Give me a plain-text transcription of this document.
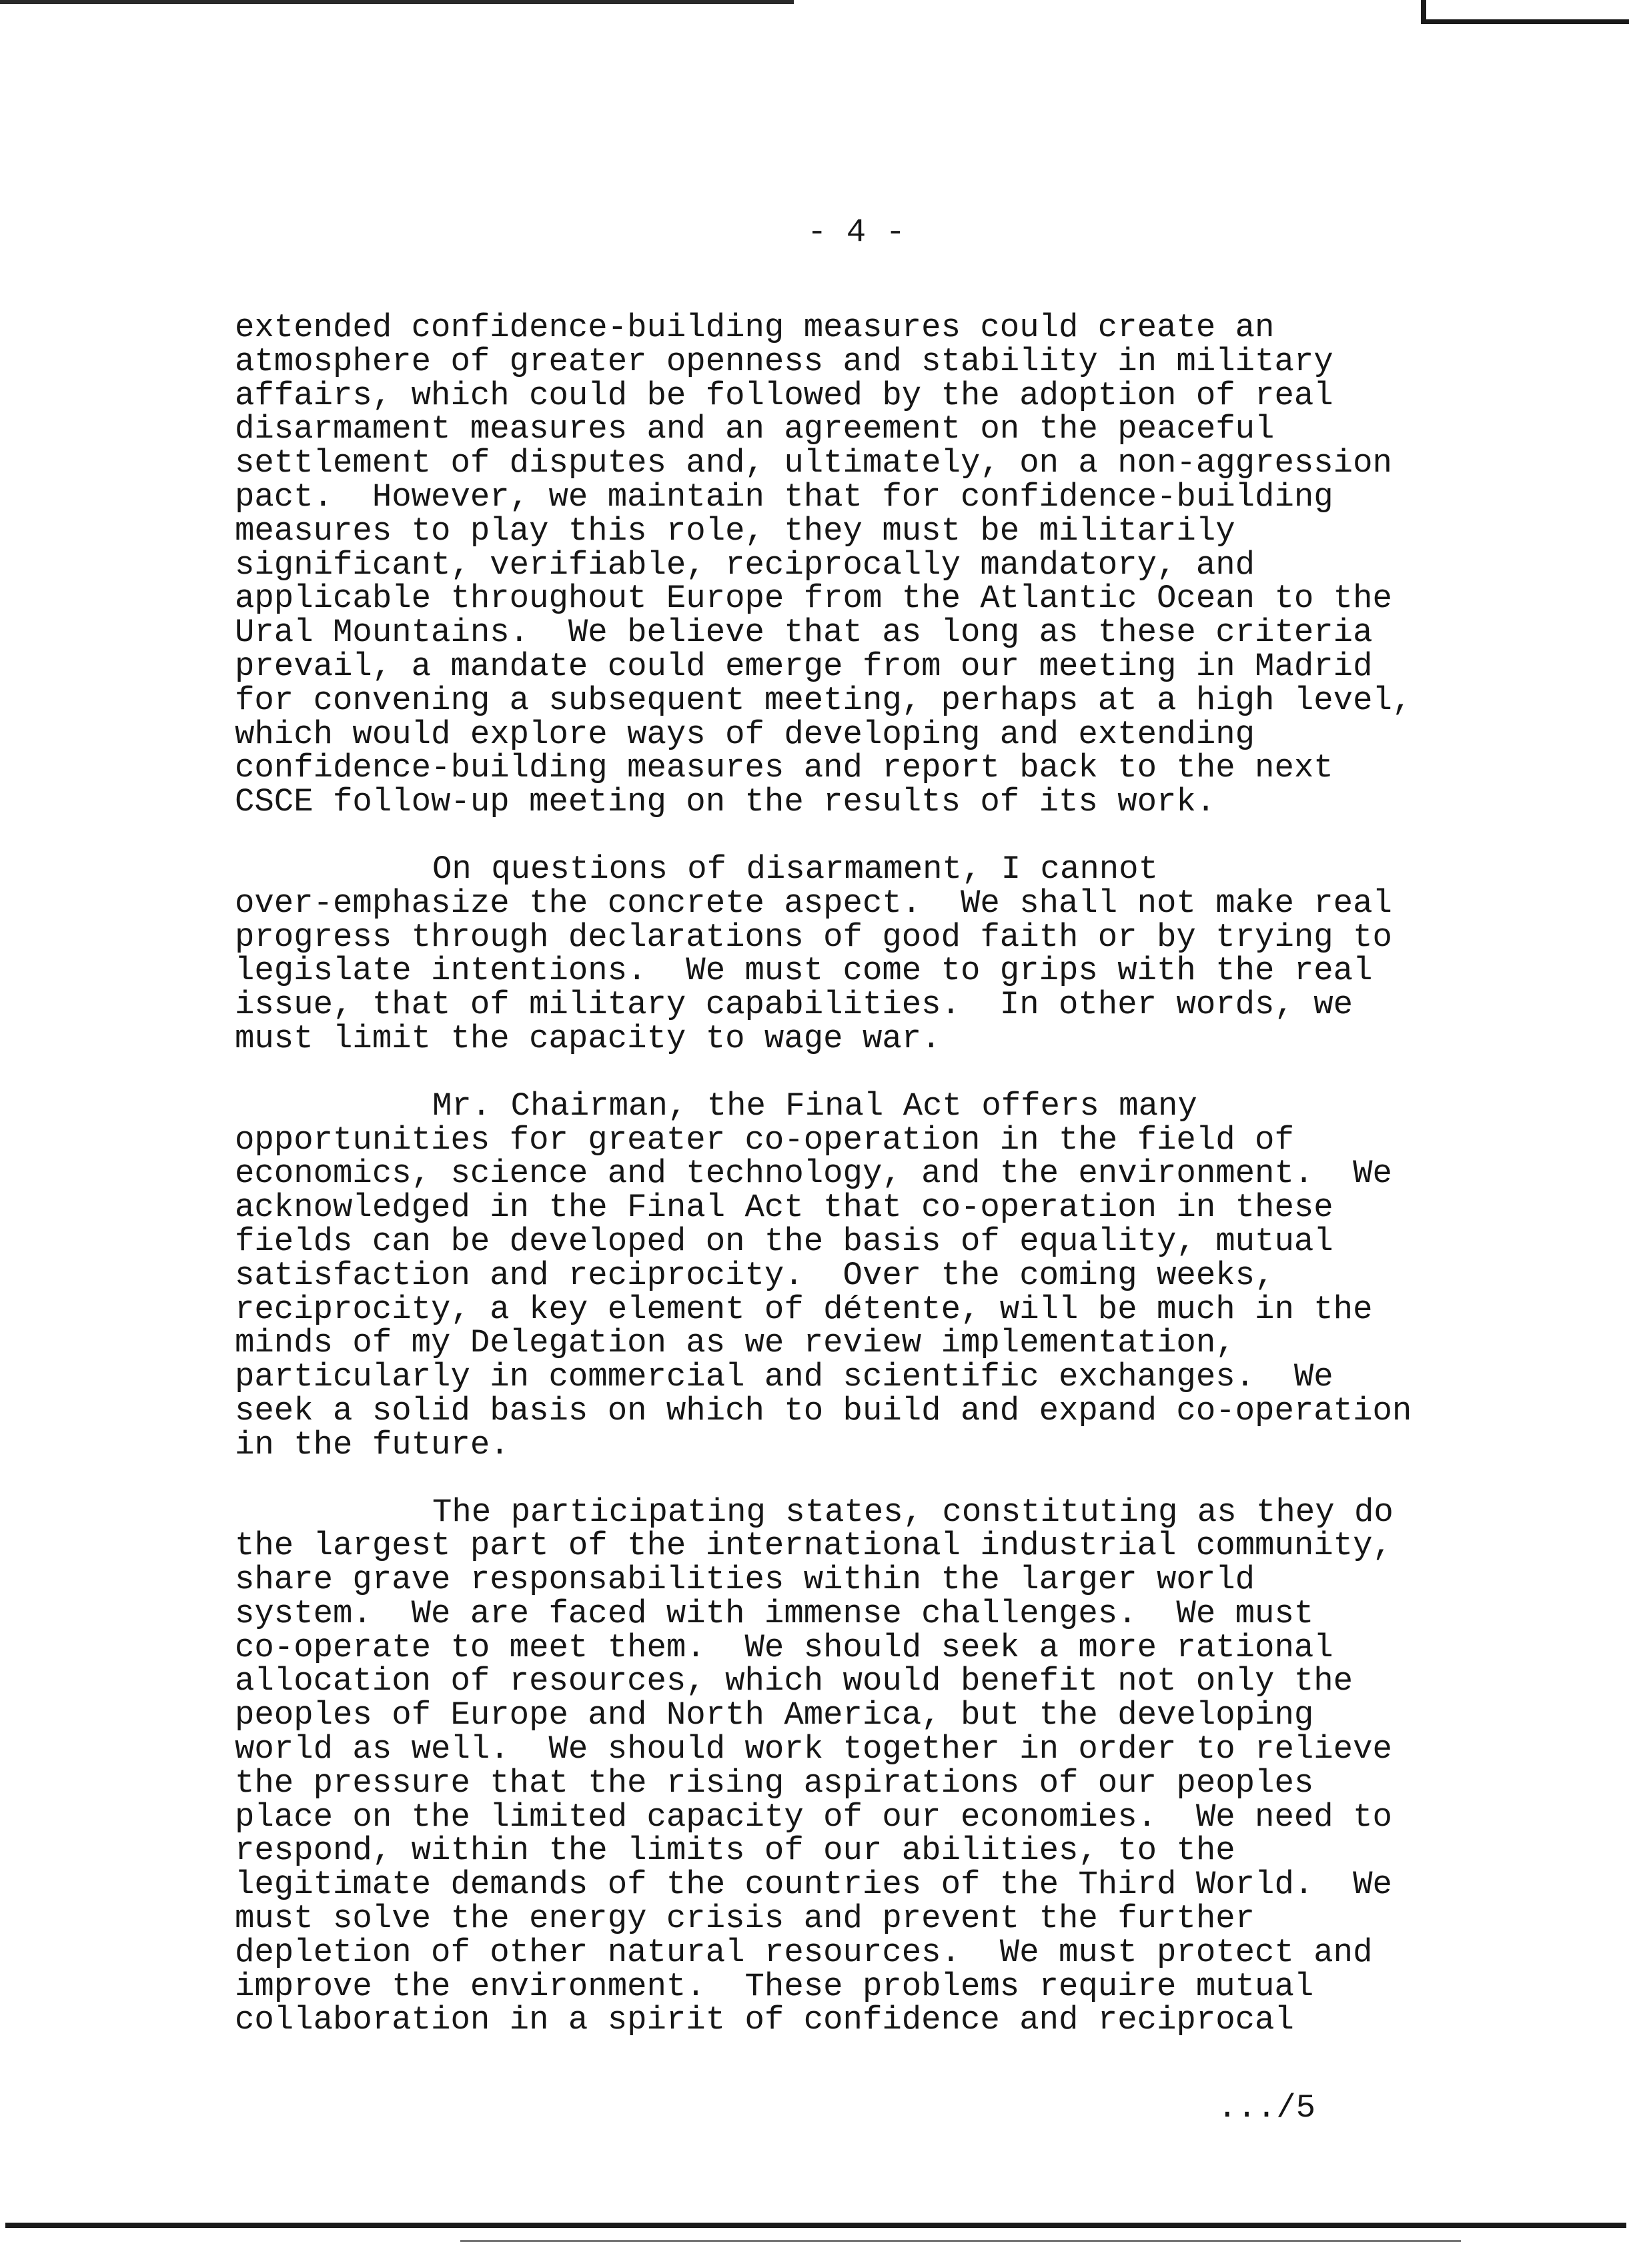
- 4 -
extended confidence-building measures could create an
atmosphere of greater openness and stability in military
affairs, which could be followed by the adoption of real
disarmament measures and an agreement on the peaceful
settlement of disputes and, ultimately, on a non-aggression
pact.  However, we maintain that for confidence-building
measures to play this role, they must be militarily
significant, verifiable, reciprocally mandatory, and
applicable throughout Europe from the Atlantic Ocean to the
Ural Mountains.  We believe that as long as these criteria
prevail, a mandate could emerge from our meeting in Madrid
for convening a subsequent meeting, perhaps at a high level,
which would explore ways of developing and extending
confidence-building measures and report back to the next
CSCE follow-up meeting on the results of its work.
On questions of disarmament, I cannot
over-emphasize the concrete aspect.  We shall not make real
progress through declarations of good faith or by trying to
legislate intentions.  We must come to grips with the real
issue, that of military capabilities.  In other words, we
must limit the capacity to wage war.
Mr. Chairman, the Final Act offers many
opportunities for greater co-operation in the field of
economics, science and technology, and the environment.  We
acknowledged in the Final Act that co-operation in these
fields can be developed on the basis of equality, mutual
satisfaction and reciprocity.  Over the coming weeks,
reciprocity, a key element of détente, will be much in the
minds of my Delegation as we review implementation,
particularly in commercial and scientific exchanges.  We
seek a solid basis on which to build and expand co-operation
in the future.
The participating states, constituting as they do
the largest part of the international industrial community,
share grave responsabilities within the larger world
system.  We are faced with immense challenges.  We must
co-operate to meet them.  We should seek a more rational
allocation of resources, which would benefit not only the
peoples of Europe and North America, but the developing
world as well.  We should work together in order to relieve
the pressure that the rising aspirations of our peoples
place on the limited capacity of our economies.  We need to
respond, within the limits of our abilities, to the
legitimate demands of the countries of the Third World.  We
must solve the energy crisis and prevent the further
depletion of other natural resources.  We must protect and
improve the environment.  These problems require mutual
collaboration in a spirit of confidence and reciprocal
.../5
